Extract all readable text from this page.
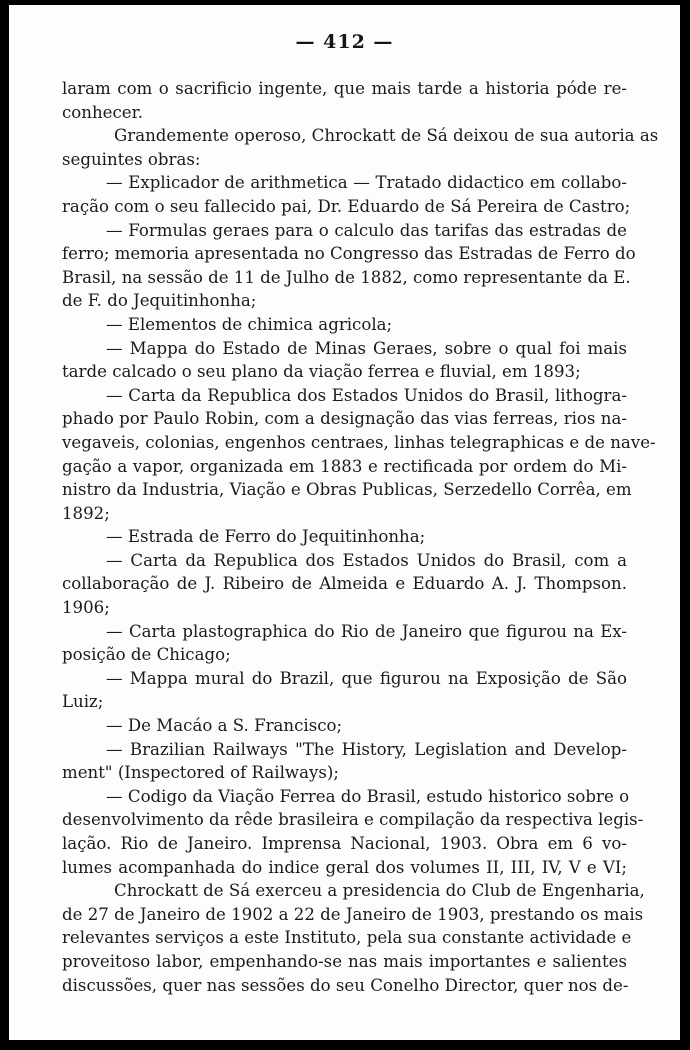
— 412 —
laram com o sacrificio ingente, que mais tarde a historia póde re-
conhecer.
Grandemente operoso, Chrockatt de Sá deixou de sua autoria as
seguintes obras:
— Explicador de arithmetica — Tratado didactico em collabo-
ração com o seu fallecido pai, Dr. Eduardo de Sá Pereira de Castro;
— Formulas geraes para o calculo das tarifas das estradas de
ferro; memoria apresentada no Congresso das Estradas de Ferro do
Brasil, na sessão de 11 de Julho de 1882, como representante da E.
de F. do Jequitinhonha;
— Elementos de chimica agricola;
— Mappa do Estado de Minas Geraes, sobre o qual foi mais
tarde calcado o seu plano da viação ferrea e fluvial, em 1893;
— Carta da Republica dos Estados Unidos do Brasil, lithogra-
phado por Paulo Robin, com a designação das vias ferreas, rios na-
vegaveis, colonias, engenhos centraes, linhas telegraphicas e de nave-
gação a vapor, organizada em 1883 e rectificada por ordem do Mi-
nistro da Industria, Viação e Obras Publicas, Serzedello Corrêa, em
1892;
— Estrada de Ferro do Jequitinhonha;
— Carta da Republica dos Estados Unidos do Brasil, com a
collaboração de J. Ribeiro de Almeida e Eduardo A. J. Thompson.
1906;
— Carta plastographica do Rio de Janeiro que figurou na Ex-
posição de Chicago;
— Mappa mural do Brazil, que figurou na Exposição de São
Luiz;
— De Macáo a S. Francisco;
— Brazilian Railways "The History, Legislation and Develop-
ment" (Inspectored of Railways);
— Codigo da Viação Ferrea do Brasil, estudo historico sobre o
desenvolvimento da rêde brasileira e compilação da respectiva legis-
lação. Rio de Janeiro. Imprensa Nacional, 1903. Obra em 6 vo-
lumes acompanhada do indice geral dos volumes II, III, IV, V e VI;
Chrockatt de Sá exerceu a presidencia do Club de Engenharia,
de 27 de Janeiro de 1902 a 22 de Janeiro de 1903, prestando os mais
relevantes serviços a este Instituto, pela sua constante actividade e
proveitoso labor, empenhando-se nas mais importantes e salientes
discussões, quer nas sessões do seu Conelho Director, quer nos de-
